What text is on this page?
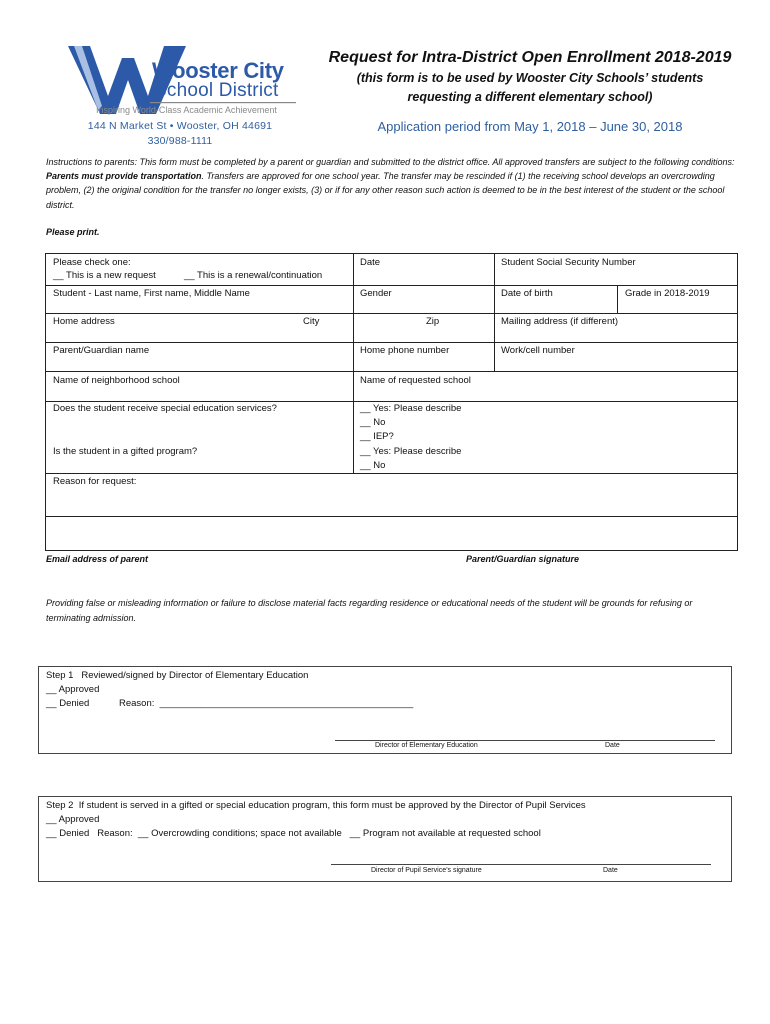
Wooster City
School District
Inspiring World-Class Academic Achievement
144 N Market St • Wooster, OH 44691
330/988-1111
Request for Intra-District Open Enrollment 2018-2019
(this form is to be used by Wooster City Schools’ students
requesting a different elementary school)
Application period from May 1, 2018 – June 30, 2018
Instructions to parents: This form must be completed by a parent or guardian and submitted to the district office. All approved transfers are subject to the following conditions: Parents must provide transportation. Transfers are approved for one school year. The transfer may be rescinded if (1) the receiving school develops an overcrowding problem, (2) the original condition for the transfer no longer exists, (3) or if for any other reason such action is deemed to be in the best interest of the student or the school district.
Please print.
Please check one:
__ This is a new request	__ This is a renewal/continuation
Date	Student Social Security Number
Student - Last name, First name, Middle Name	Gender	Date of birth	Grade in 2018-2019
Home address	City	Zip	Mailing address (if different)
Parent/Guardian name	Home phone number	Work/cell number
Name of neighborhood school	Name of requested school
Does the student receive special education services?	__ Yes: Please describe
__ No
__ IEP?
Is the student in a gifted program?	__ Yes: Please describe
__ No
Reason for request:
Email address of parent	Parent/Guardian signature
Providing false or misleading information or failure to disclose material facts regarding residence or educational needs of the student will be grounds for refusing or terminating admission.
Step 1   Reviewed/signed by Director of Elementary Education
__ Approved
__ Denied	Reason:  ________________________________________________
Director of Elementary Education	Date
Step 2  If student is served in a gifted or special education program, this form must be approved by the Director of Pupil Services
__ Approved
__ Denied   Reason:  __ Overcrowding conditions; space not available   __ Program not available at requested school
Director of Pupil Service’s signature	Date
